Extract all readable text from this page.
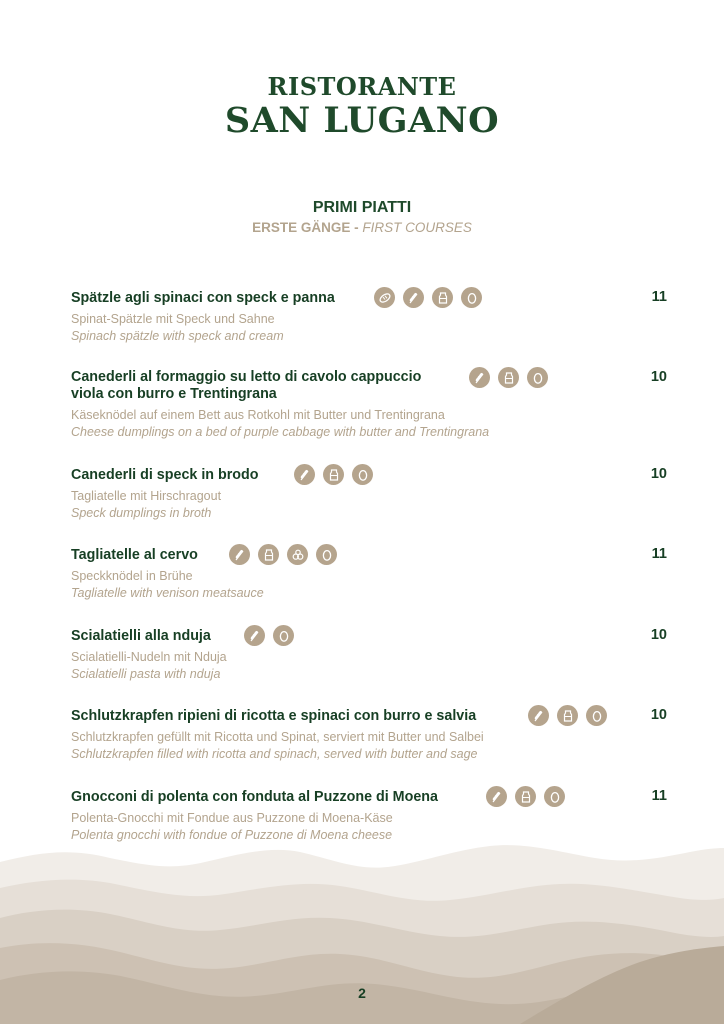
RISTORANTE
SAN LUGANO
PRIMI PIATTI
ERSTE GÄNGE - FIRST COURSES
Spätzle agli spinaci con speck e panna	11
Spinat-Spätzle mit Speck und Sahne
Spinach spätzle with speck and cream
Canederli al formaggio su letto di cavolo cappuccio
viola con burro e Trentingrana
10
Käseknödel auf einem Bett aus Rotkohl mit Butter und Trentingrana
Cheese dumplings on a bed of purple cabbage with butter and Trentingrana
Canederli di speck in brodo	10
Tagliatelle mit Hirschragout
Speck dumplings in broth
Tagliatelle al cervo	11
Speckknödel in Brühe
Tagliatelle with venison meatsauce
Scialatielli alla nduja	10
Scialatielli-Nudeln mit Nduja
Scialatielli pasta with nduja
Schlutzkrapfen ripieni di ricotta e spinaci con burro e salvia	10
Schlutzkrapfen gefüllt mit Ricotta und Spinat, serviert mit Butter und Salbei
Schlutzkrapfen filled with ricotta and spinach, served with butter and sage
Gnocconi di polenta con fonduta al Puzzone di Moena	11
Polenta-Gnocchi mit Fondue aus Puzzone di Moena-Käse
Polenta gnocchi with fondue of Puzzone di Moena cheese
2
